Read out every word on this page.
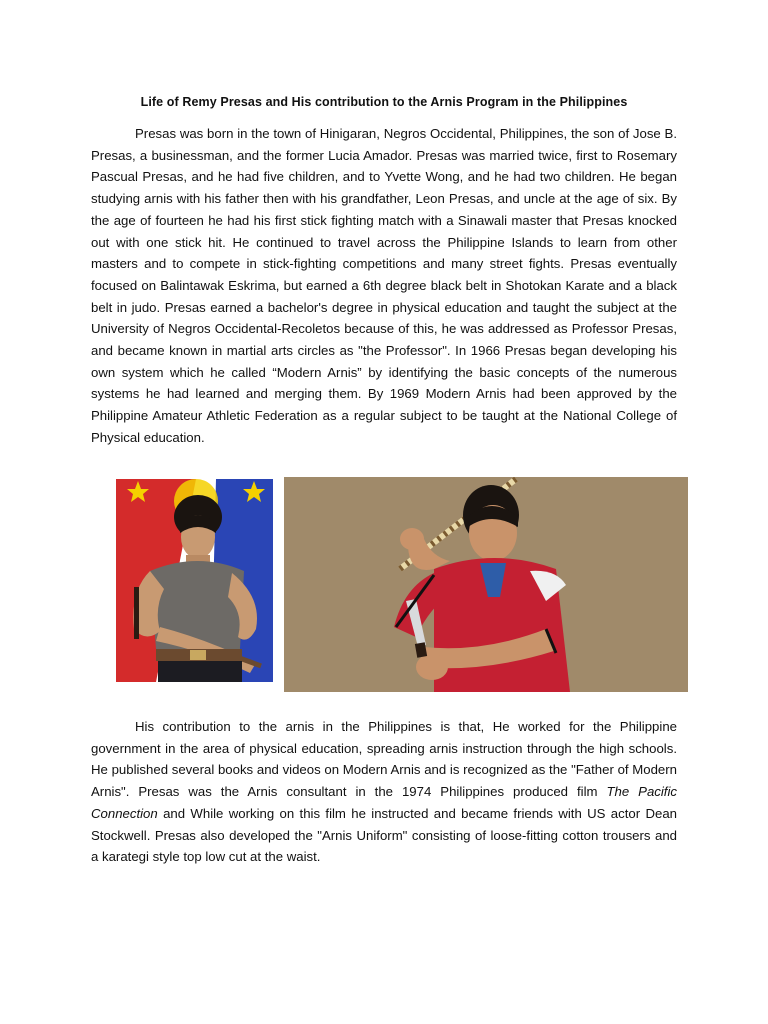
Life of Remy Presas and His contribution to the Arnis Program in the Philippines

Presas was born in the town of Hinigaran, Negros Occidental, Philippines, the son of Jose B. Presas, a businessman, and the former Lucia Amador. Presas was married twice, first to Rosemary Pascual Presas, and he had five children, and to Yvette Wong, and he had two children. He began studying arnis with his father then with his grandfather, Leon Presas, and uncle at the age of six. By the age of fourteen he had his first stick fighting match with a Sinawali master that Presas knocked out with one stick hit. He continued to travel across the Philippine Islands to learn from other masters and to compete in stick-fighting competitions and many street fights. Presas eventually focused on Balintawak Eskrima, but earned a 6th degree black belt in Shotokan Karate and a black belt in judo. Presas earned a bachelor's degree in physical education and taught the subject at the University of Negros Occidental-Recoletos because of this, he was addressed as Professor Presas, and became known in martial arts circles as "the Professor". In 1966 Presas began developing his own system which he called “Modern Arnis” by identifying the basic concepts of the numerous systems he had learned and merging them. By 1969 Modern Arnis had been approved by the Philippine Amateur Athletic Federation as a regular subject to be taught at the National College of Physical education.

His contribution to the arnis in the Philippines is that, He worked for the Philippine government in the area of physical education, spreading arnis instruction through the high schools. He published several books and videos on Modern Arnis and is recognized as the "Father of Modern Arnis". Presas was the Arnis consultant in the 1974 Philippines produced film The Pacific Connection and While working on this film he instructed and became friends with US actor Dean Stockwell. Presas also developed the "Arnis Uniform" consisting of loose-fitting cotton trousers and a karategi style top low cut at the waist.
